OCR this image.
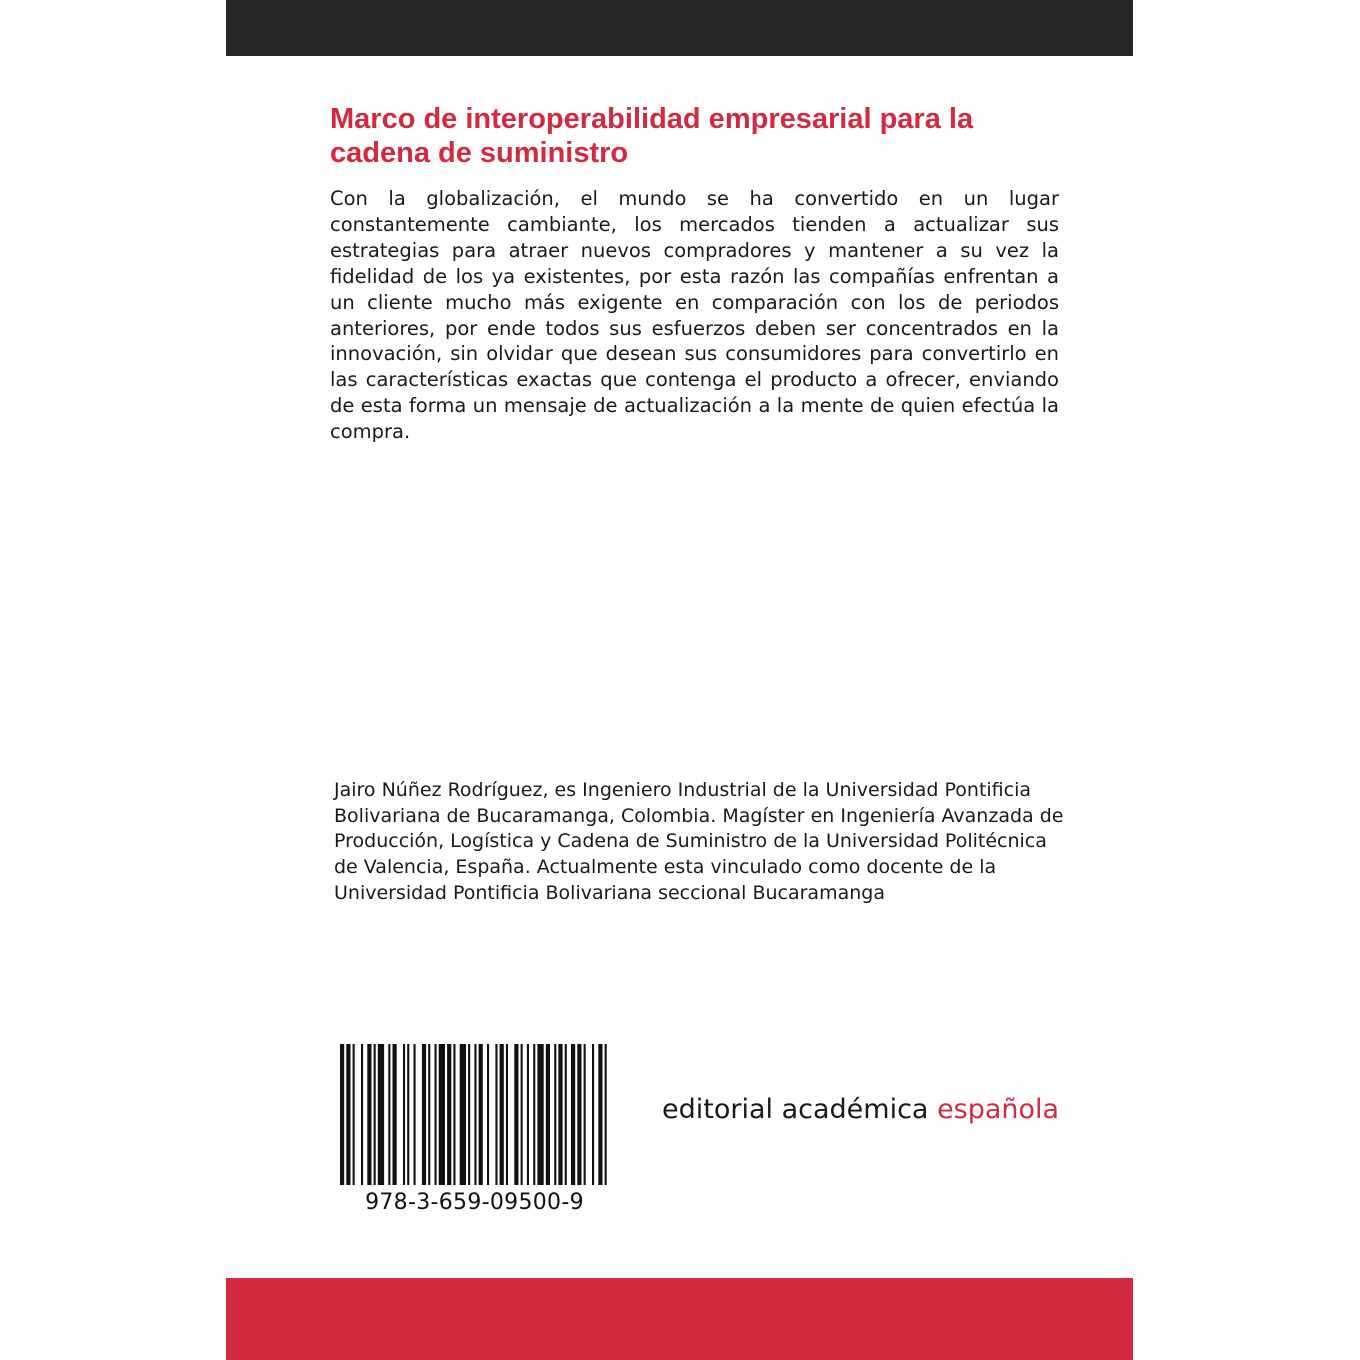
Marco de interoperabilidad empresarial para la cadena de suministro

Con la globalización, el mundo se ha convertido en un lugar constantemente cambiante, los mercados tienden a actualizar sus estrategias para atraer nuevos compradores y mantener a su vez la fidelidad de los ya existentes, por esta razón las compañías enfrentan a un cliente mucho más exigente en comparación con los de periodos anteriores, por ende todos sus esfuerzos deben ser concentrados en la innovación, sin olvidar que desean sus consumidores para convertirlo en las características exactas que contenga el producto a ofrecer, enviando de esta forma un mensaje de actualización a la mente de quien efectúa la compra.

Jairo Núñez Rodríguez, es Ingeniero Industrial de la Universidad Pontificia Bolivariana de Bucaramanga, Colombia. Magíster en Ingeniería Avanzada de Producción, Logística y Cadena de Suministro de la Universidad Politécnica de Valencia, España. Actualmente esta vinculado como docente de la Universidad Pontificia Bolivariana seccional Bucaramanga

978-3-659-09500-9
editorial académica española
